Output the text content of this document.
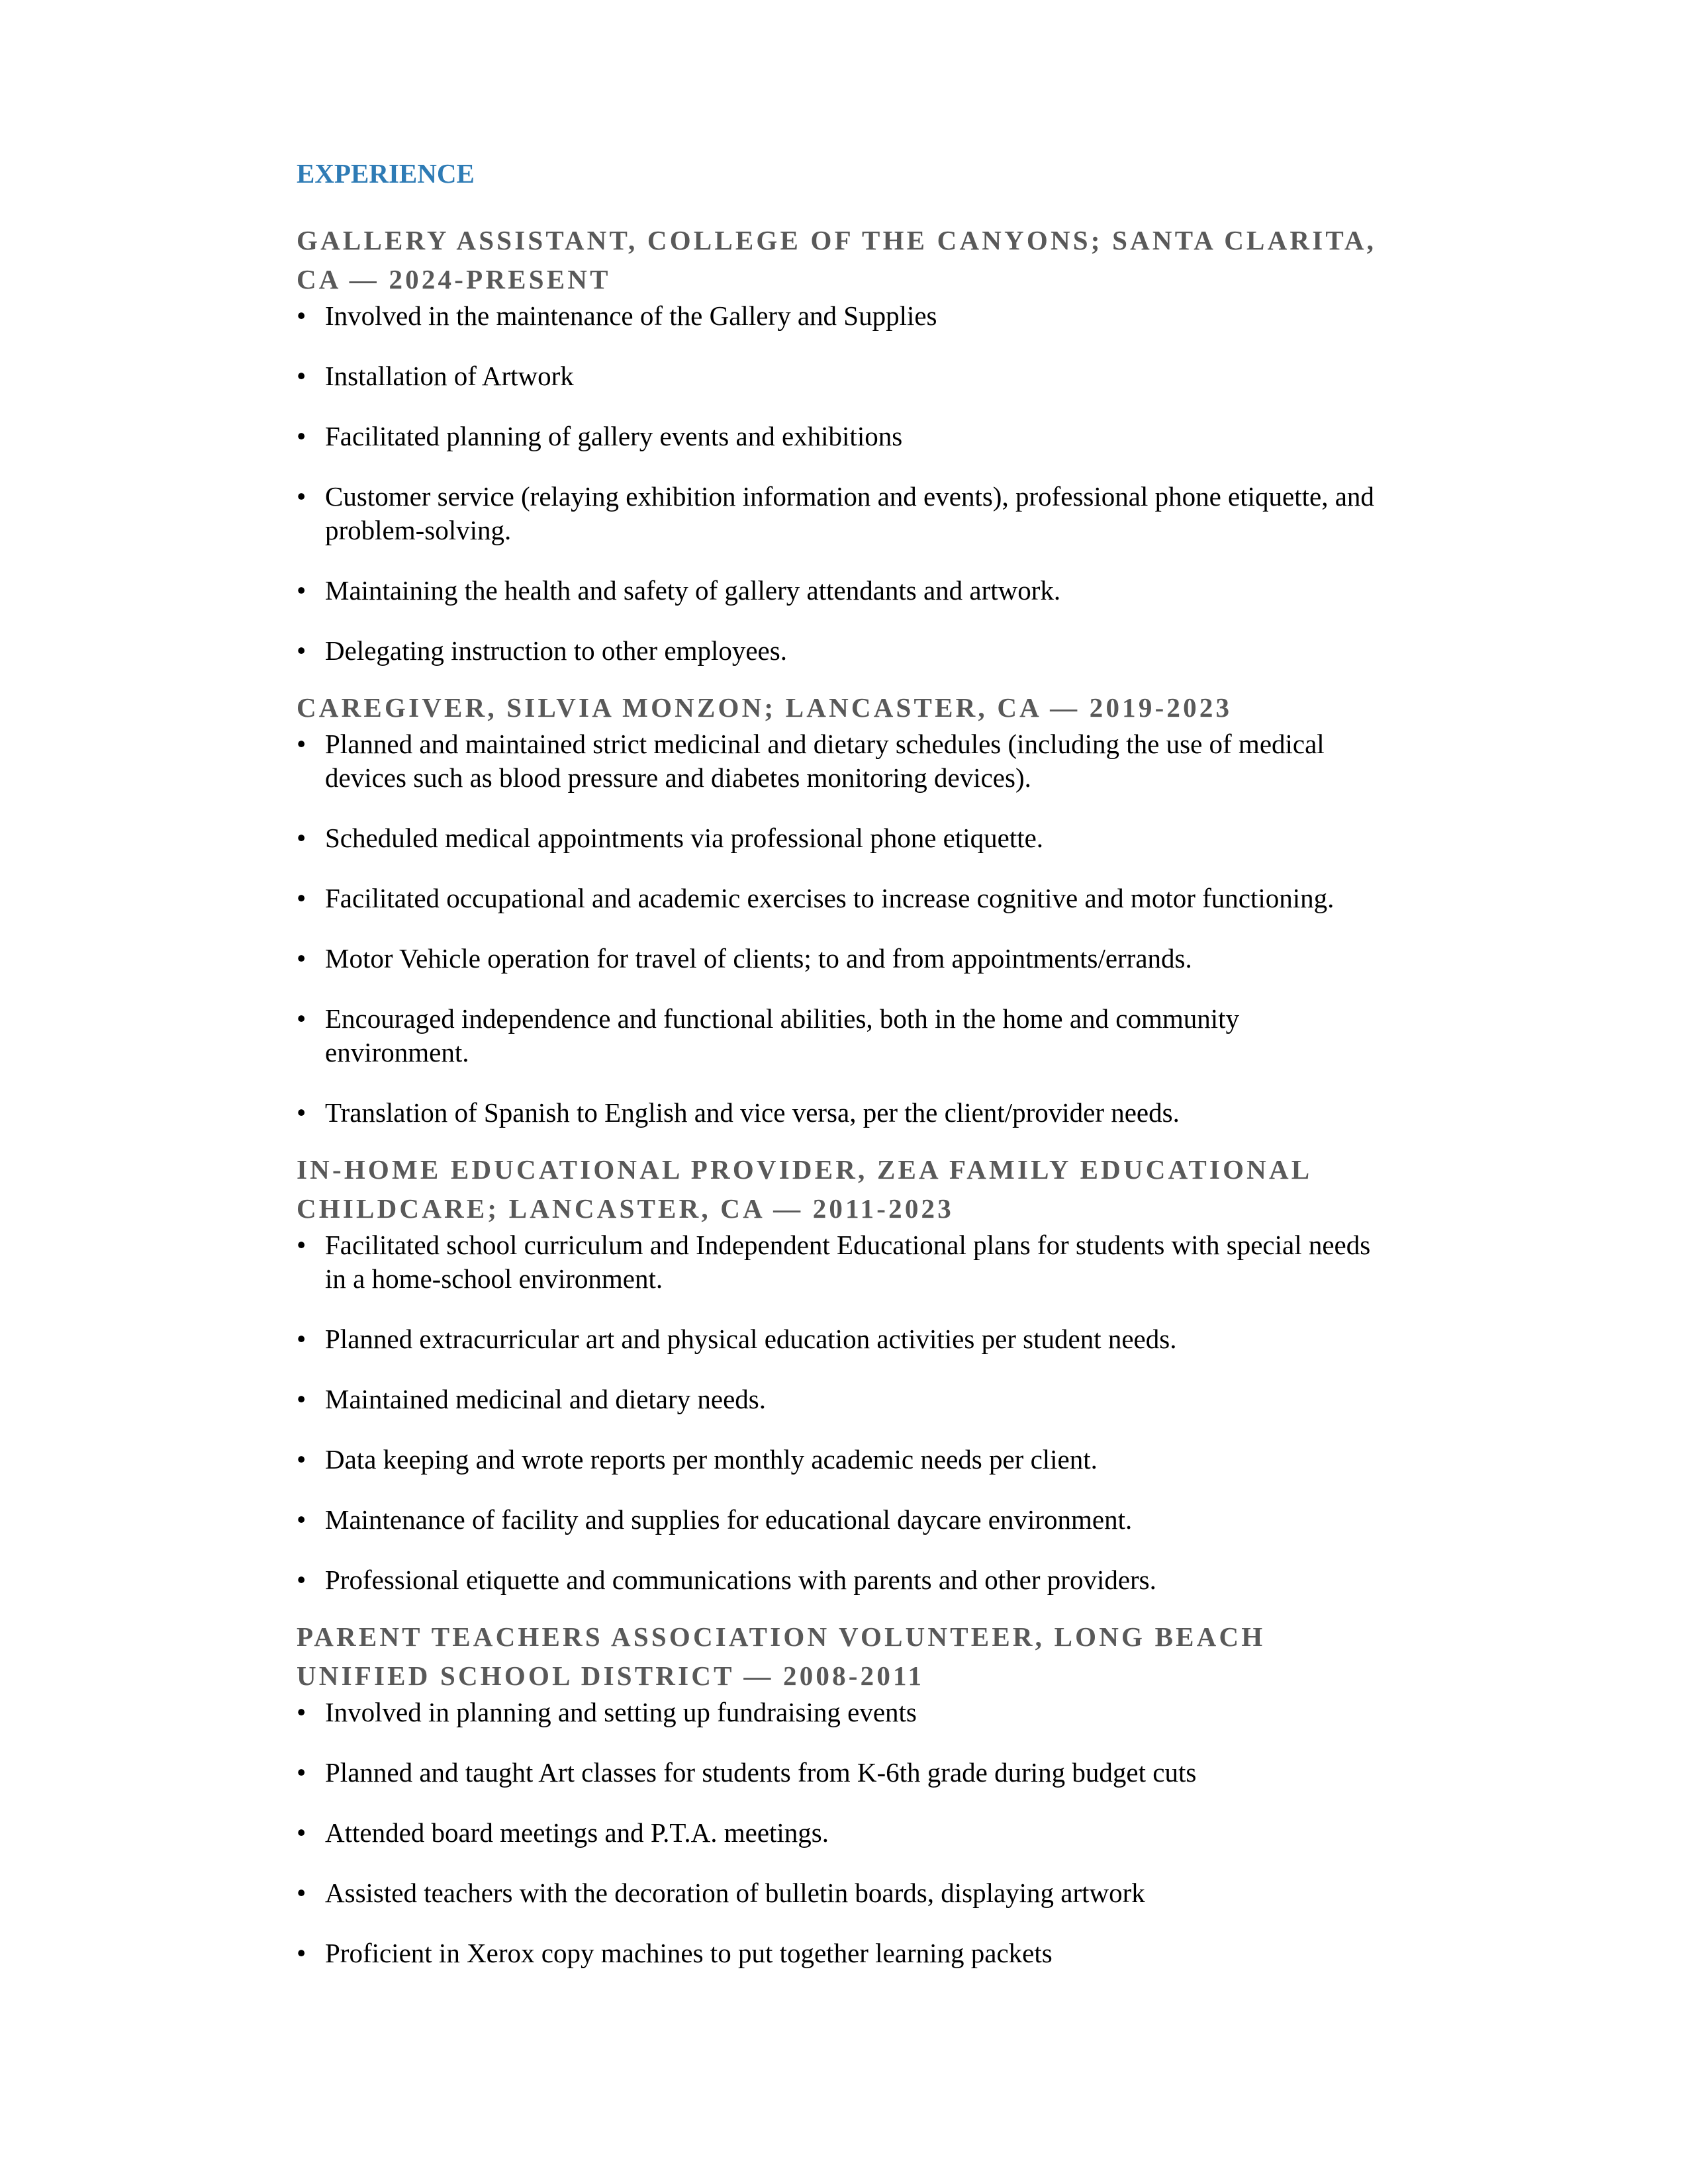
EXPERIENCE
GALLERY ASSISTANT, COLLEGE OF THE CANYONS; SANTA CLARITA, CA — 2024-PRESENT
• Involved in the maintenance of the Gallery and Supplies
• Installation of Artwork
• Facilitated planning of gallery events and exhibitions
• Customer service (relaying exhibition information and events), professional phone etiquette, and problem-solving.
• Maintaining the health and safety of gallery attendants and artwork.
• Delegating instruction to other employees.
CAREGIVER, SILVIA MONZON; LANCASTER, CA — 2019-2023
• Planned and maintained strict medicinal and dietary schedules (including the use of medical devices such as blood pressure and diabetes monitoring devices).
• Scheduled medical appointments via professional phone etiquette.
• Facilitated occupational and academic exercises to increase cognitive and motor functioning.
• Motor Vehicle operation for travel of clients; to and from appointments/errands.
• Encouraged independence and functional abilities, both in the home and community environment.
• Translation of Spanish to English and vice versa, per the client/provider needs.
IN-HOME EDUCATIONAL PROVIDER, ZEA FAMILY EDUCATIONAL CHILDCARE; LANCASTER, CA — 2011-2023
• Facilitated school curriculum and Independent Educational plans for students with special needs in a home-school environment.
• Planned extracurricular art and physical education activities per student needs.
• Maintained medicinal and dietary needs.
• Data keeping and wrote reports per monthly academic needs per client.
• Maintenance of facility and supplies for educational daycare environment.
• Professional etiquette and communications with parents and other providers.
PARENT TEACHERS ASSOCIATION VOLUNTEER, LONG BEACH UNIFIED SCHOOL DISTRICT — 2008-2011
• Involved in planning and setting up fundraising events
• Planned and taught Art classes for students from K-6th grade during budget cuts
• Attended board meetings and P.T.A. meetings.
• Assisted teachers with the decoration of bulletin boards, displaying artwork
• Proficient in Xerox copy machines to put together learning packets
